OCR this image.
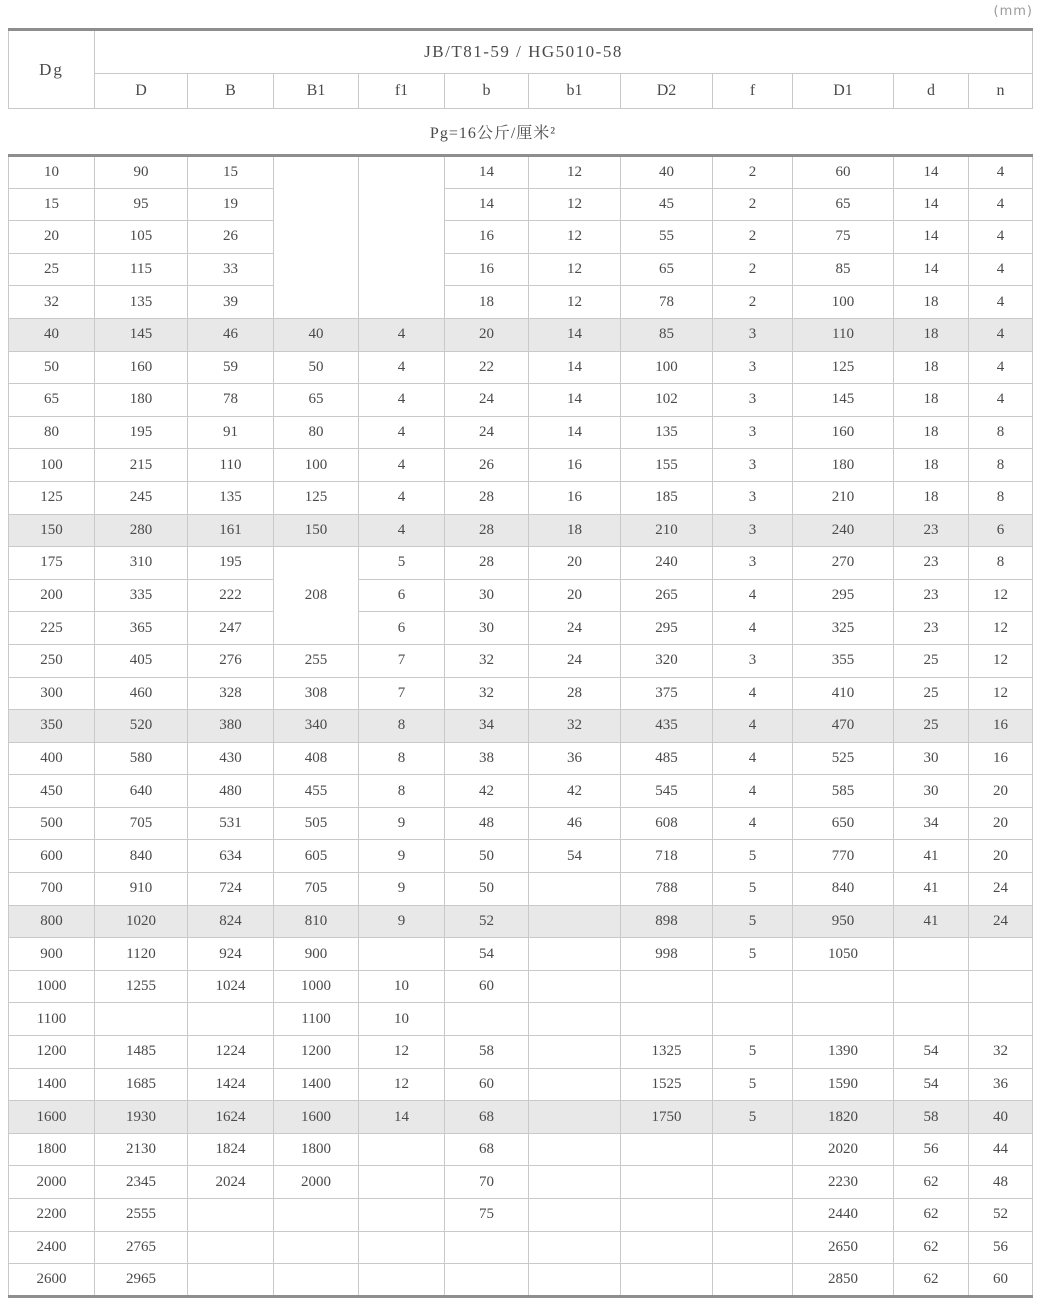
(mm)
Dg	JB/T81-59 / HG5010-58										
	D	B	B1	f1	b	b1	D2	f	D1	d	n
Pg=16公斤/厘米²											
10	90	15			14	12	40	2	60	14	4
15	95	19			14	12	45	2	65	14	4
20	105	26			16	12	55	2	75	14	4
25	115	33			16	12	65	2	85	14	4
32	135	39			18	12	78	2	100	18	4
40	145	46	40	4	20	14	85	3	110	18	4
50	160	59	50	4	22	14	100	3	125	18	4
65	180	78	65	4	24	14	102	3	145	18	4
80	195	91	80	4	24	14	135	3	160	18	8
100	215	110	100	4	26	16	155	3	180	18	8
125	245	135	125	4	28	16	185	3	210	18	8
150	280	161	150	4	28	18	210	3	240	23	6
175	310	195	208	5	28	20	240	3	270	23	8
200	335	222		6	30	20	265	4	295	23	12
225	365	247		6	30	24	295	4	325	23	12
250	405	276	255	7	32	24	320	3	355	25	12
300	460	328	308	7	32	28	375	4	410	25	12
350	520	380	340	8	34	32	435	4	470	25	16
400	580	430	408	8	38	36	485	4	525	30	16
450	640	480	455	8	42	42	545	4	585	30	20
500	705	531	505	9	48	46	608	4	650	34	20
600	840	634	605	9	50	54	718	5	770	41	20
700	910	724	705	9	50		788	5	840	41	24
800	1020	824	810	9	52		898	5	950	41	24
900	1120	924	900		54		998	5	1050		
1000	1255	1024	1000	10	60						
1100			1100	10							
1200	1485	1224	1200	12	58		1325	5	1390	54	32
1400	1685	1424	1400	12	60		1525	5	1590	54	36
1600	1930	1624	1600	14	68		1750	5	1820	58	40
1800	2130	1824	1800		68				2020	56	44
2000	2345	2024	2000		70				2230	62	48
2200	2555				75				2440	62	52
2400	2765								2650	62	56
2600	2965								2850	62	60
